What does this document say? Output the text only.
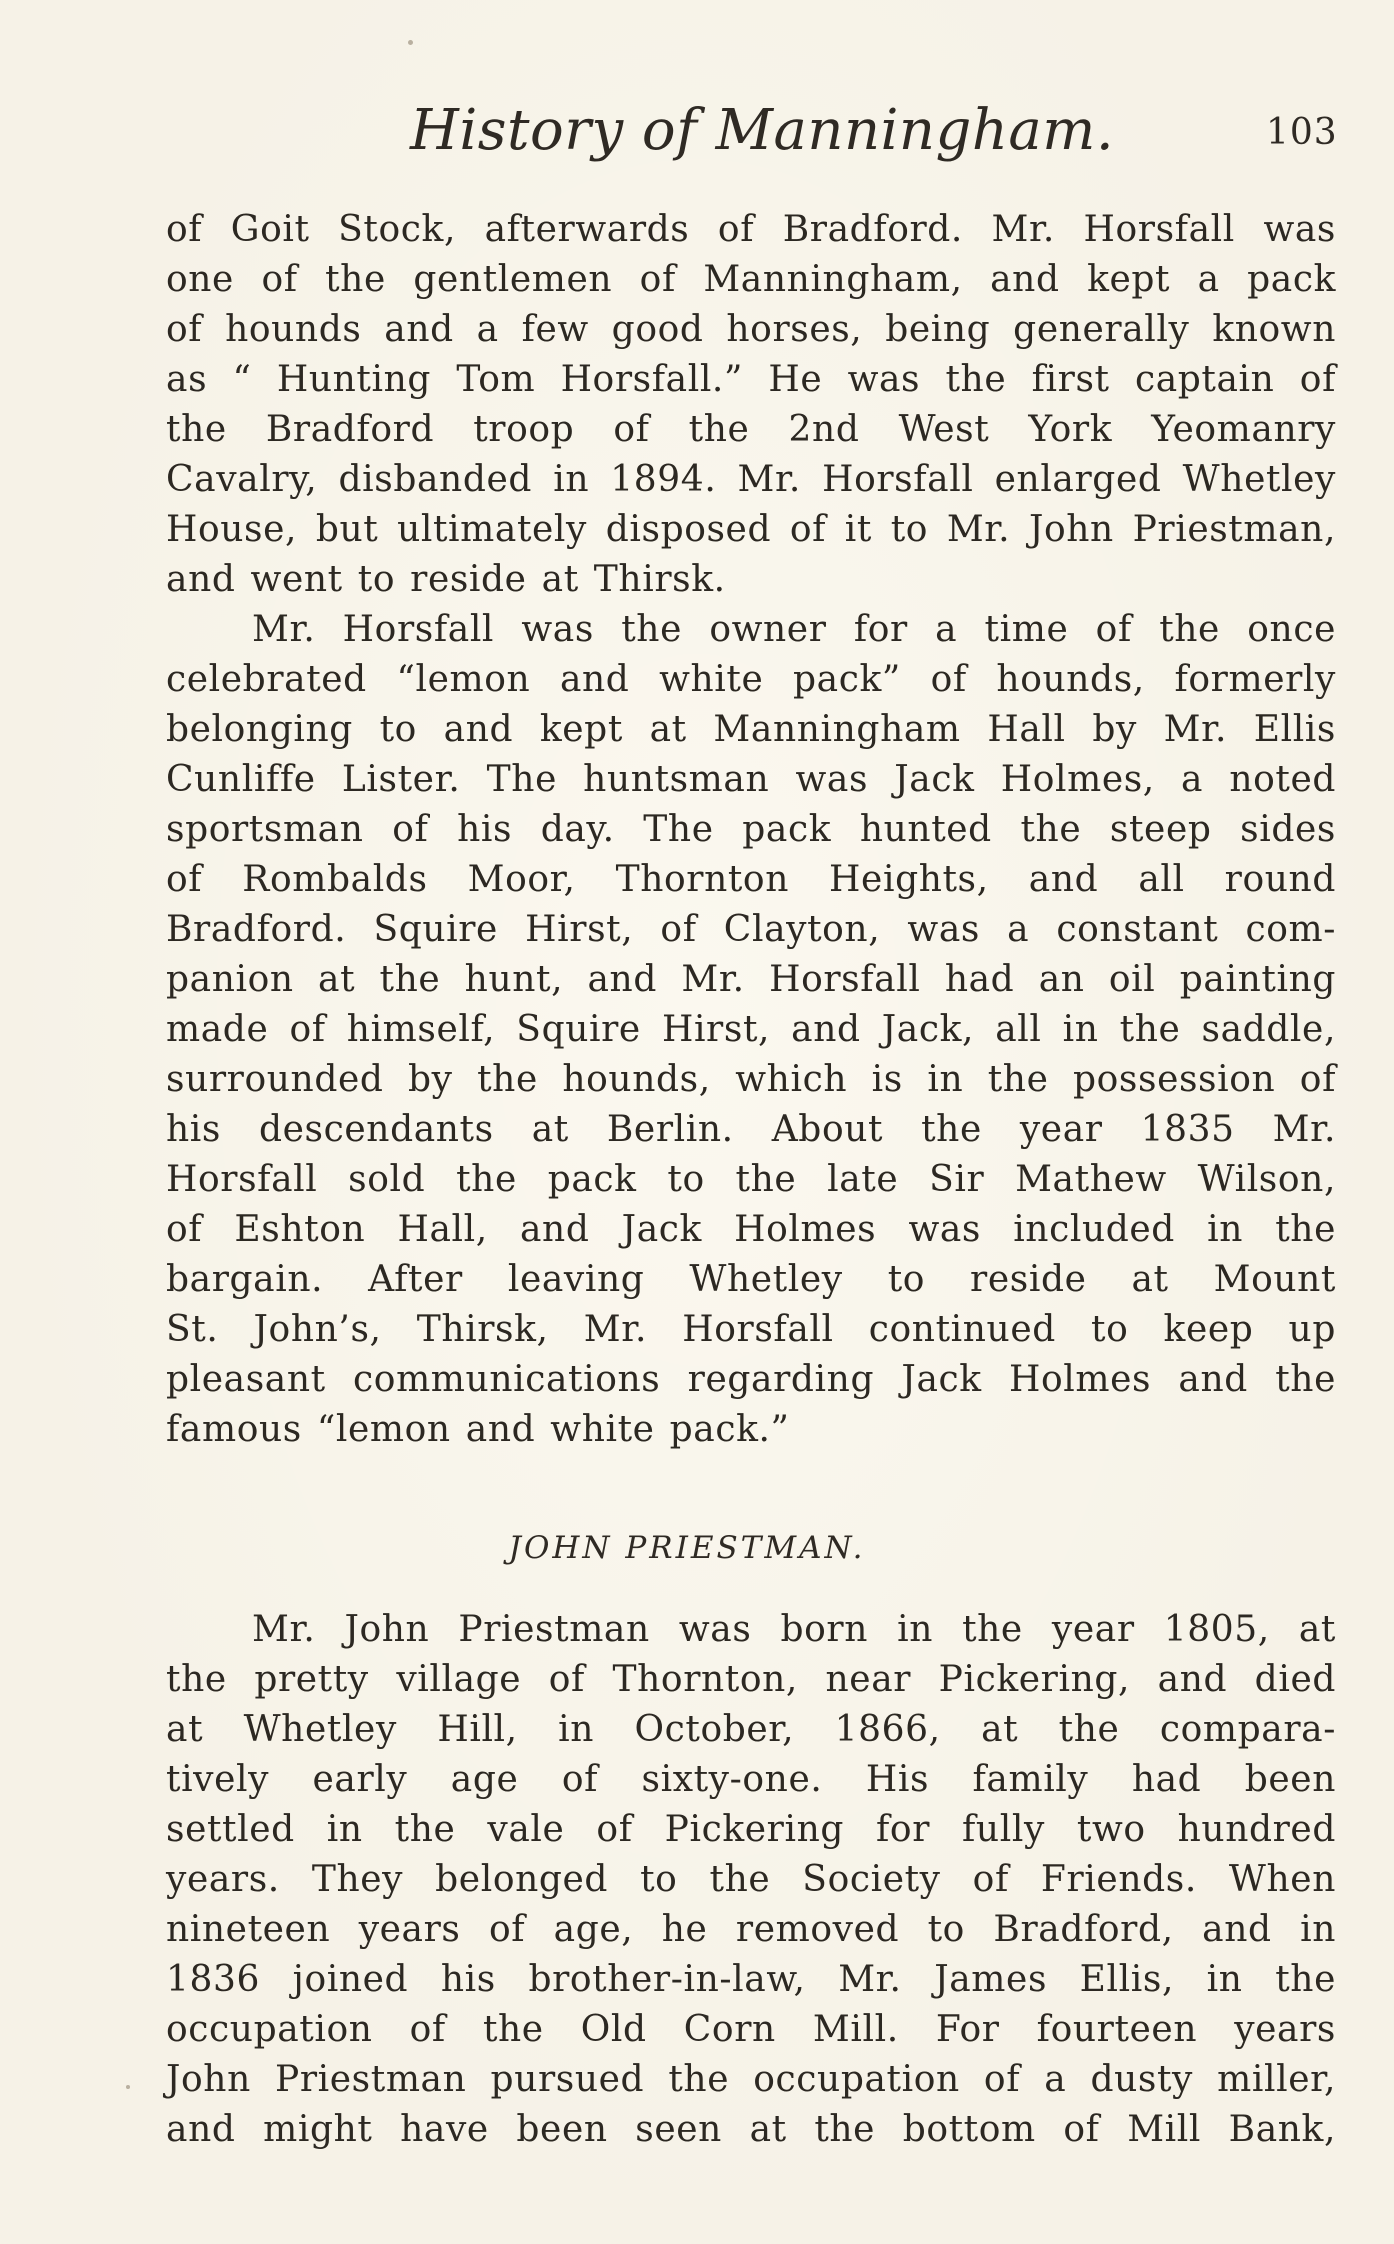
History of Manningham.	103
of Goit Stock, afterwards of Bradford. Mr. Horsfall was
one of the gentlemen of Manningham, and kept a pack
of hounds and a few good horses, being generally known
as “ Hunting Tom Horsfall.” He was the first captain of
the Bradford troop of the 2nd West York Yeomanry
Cavalry, disbanded in 1894. Mr. Horsfall enlarged Whetley
House, but ultimately disposed of it to Mr. John Priestman,
and went to reside at Thirsk.
Mr. Horsfall was the owner for a time of the once
celebrated “lemon and white pack” of hounds, formerly
belonging to and kept at Manningham Hall by Mr. Ellis
Cunliffe Lister. The huntsman was Jack Holmes, a noted
sportsman of his day. The pack hunted the steep sides
of Rombalds Moor, Thornton Heights, and all round
Bradford. Squire Hirst, of Clayton, was a constant com-
panion at the hunt, and Mr. Horsfall had an oil painting
made of himself, Squire Hirst, and Jack, all in the saddle,
surrounded by the hounds, which is in the possession of
his descendants at Berlin. About the year 1835 Mr.
Horsfall sold the pack to the late Sir Mathew Wilson,
of Eshton Hall, and Jack Holmes was included in the
bargain. After leaving Whetley to reside at Mount
St. John’s, Thirsk, Mr. Horsfall continued to keep up
pleasant communications regarding Jack Holmes and the
famous “lemon and white pack.”
JOHN PRIESTMAN.
Mr. John Priestman was born in the year 1805, at
the pretty village of Thornton, near Pickering, and died
at Whetley Hill, in October, 1866, at the compara-
tively early age of sixty-one. His family had been
settled in the vale of Pickering for fully two hundred
years. They belonged to the Society of Friends. When
nineteen years of age, he removed to Bradford, and in
1836 joined his brother-in-law, Mr. James Ellis, in the
occupation of the Old Corn Mill. For fourteen years
John Priestman pursued the occupation of a dusty miller,
and might have been seen at the bottom of Mill Bank,
